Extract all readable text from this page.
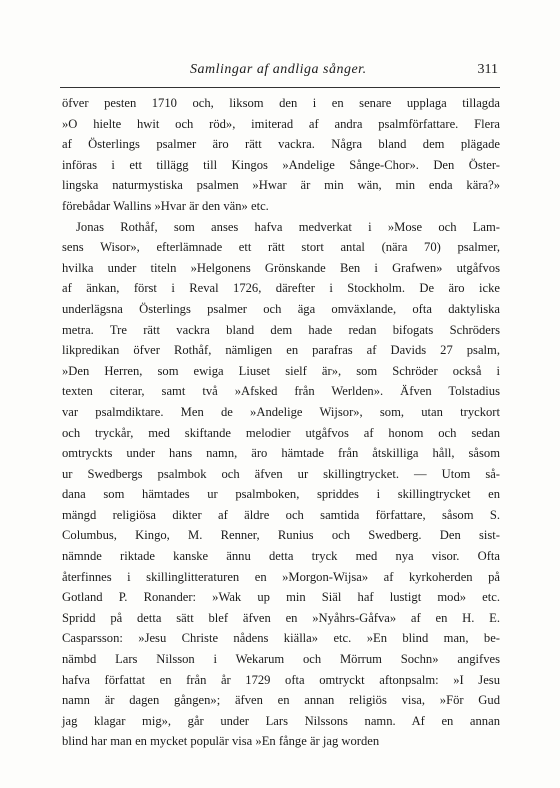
Samlingar af andliga sånger.	311
öfver pesten 1710 och, liksom den i en senare upplaga tillagda
»O hielte hwit och röd», imiterad af andra psalmförfattare. Flera
af Österlings psalmer äro rätt vackra. Några bland dem plägade
införas i ett tillägg till Kingos »Andelige Sånge-Chor». Den Öster-
lingska naturmystiska psalmen »Hwar är min wän, min enda kära?»
förebådar Wallins »Hvar är den vän» etc.
Jonas Rothåf, som anses hafva medverkat i »Mose och Lam-
sens Wisor», efterlämnade ett rätt stort antal (nära 70) psalmer,
hvilka under titeln »Helgonens Grönskande Ben i Grafwen» utgåfvos
af änkan, först i Reval 1726, därefter i Stockholm. De äro icke
underlägsna Österlings psalmer och äga omväxlande, ofta daktyliska
metra. Tre rätt vackra bland dem hade redan bifogats Schröders
likpredikan öfver Rothåf, nämligen en parafras af Davids 27 psalm,
»Den Herren, som ewiga Liuset sielf är», som Schröder också i
texten citerar, samt två »Afsked från Werlden». Äfven Tolstadius
var psalmdiktare. Men de »Andelige Wijsor», som, utan tryckort
och tryckår, med skiftande melodier utgåfvos af honom och sedan
omtryckts under hans namn, äro hämtade från åtskilliga håll, såsom
ur Swedbergs psalmbok och äfven ur skillingtrycket. — Utom så-
dana som hämtades ur psalmboken, spriddes i skillingtrycket en
mängd religiösa dikter af äldre och samtida författare, såsom S.
Columbus, Kingo, M. Renner, Runius och Swedberg. Den sist-
nämnde riktade kanske ännu detta tryck med nya visor. Ofta
återfinnes i skillinglitteraturen en »Morgon-Wijsa» af kyrkoherden på
Gotland P. Ronander: »Wak up min Siäl haf lustigt mod» etc.
Spridd på detta sätt blef äfven en »Nyåhrs-Gåfva» af en H. E.
Casparsson: »Jesu Christe nådens kiälla» etc. »En blind man, be-
nämbd Lars Nilsson i Wekarum och Mörrum Sochn» angifves
hafva författat en från år 1729 ofta omtryckt aftonpsalm: »I Jesu
namn är dagen gången»; äfven en annan religiös visa, »För Gud
jag klagar mig», går under Lars Nilssons namn. Af en annan
blind har man en mycket populär visa »En fånge är jag worden
